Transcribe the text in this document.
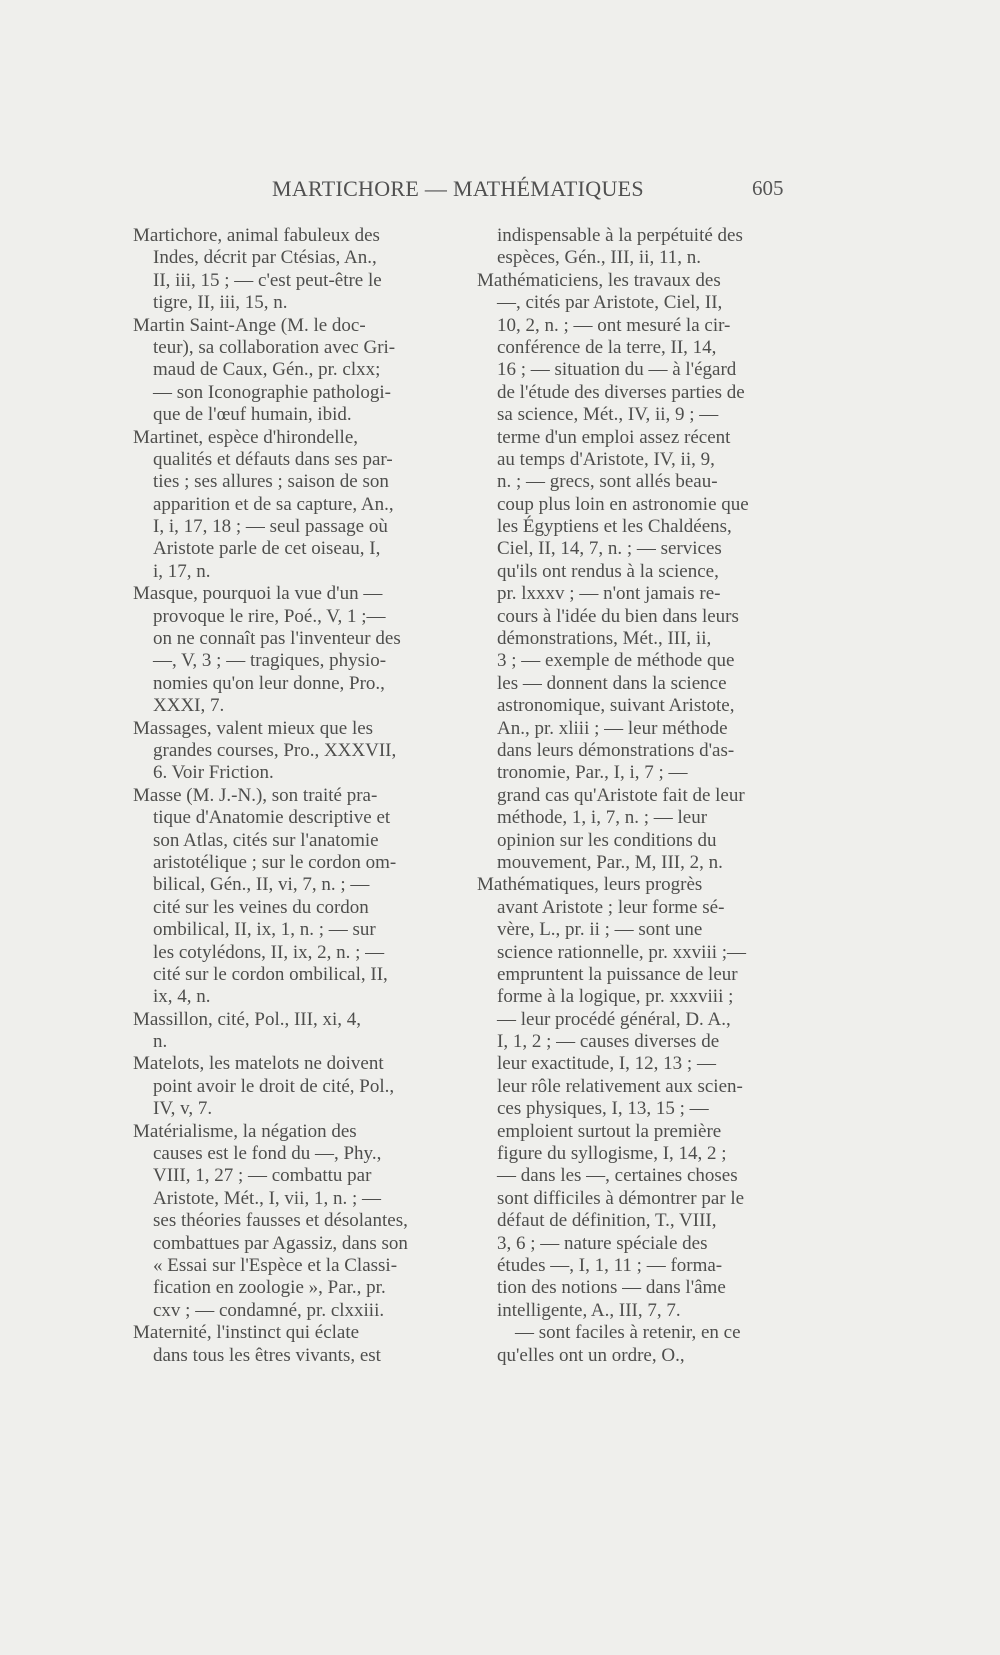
MARTICHORE — MATHÉMATIQUES	605
Martichore, animal fabuleux des
Indes, décrit par Ctésias, An.,
II, iii, 15 ; — c'est peut-être le
tigre, II, iii, 15, n.
Martin Saint-Ange (M. le doc-
teur), sa collaboration avec Gri-
maud de Caux, Gén., pr. clxx;
— son Iconographie pathologi-
que de l'œuf humain, ibid.
Martinet, espèce d'hirondelle,
qualités et défauts dans ses par-
ties ; ses allures ; saison de son
apparition et de sa capture, An.,
I, i, 17, 18 ; — seul passage où
Aristote parle de cet oiseau, I,
i, 17, n.
Masque, pourquoi la vue d'un —
provoque le rire, Poé., V, 1 ;—
on ne connaît pas l'inventeur des
—, V, 3 ; — tragiques, physio-
nomies qu'on leur donne, Pro.,
XXXI, 7.
Massages, valent mieux que les
grandes courses, Pro., XXXVII,
6. Voir Friction.
Masse (M. J.-N.), son traité pra-
tique d'Anatomie descriptive et
son Atlas, cités sur l'anatomie
aristotélique ; sur le cordon om-
bilical, Gén., II, vi, 7, n. ; —
cité sur les veines du cordon
ombilical, II, ix, 1, n. ; — sur
les cotylédons, II, ix, 2, n. ; —
cité sur le cordon ombilical, II,
ix, 4, n.
Massillon, cité, Pol., III, xi, 4,
n.
Matelots, les matelots ne doivent
point avoir le droit de cité, Pol.,
IV, v, 7.
Matérialisme, la négation des
causes est le fond du —, Phy.,
VIII, 1, 27 ; — combattu par
Aristote, Mét., I, vii, 1, n. ; —
ses théories fausses et désolantes,
combattues par Agassiz, dans son
« Essai sur l'Espèce et la Classi-
fication en zoologie », Par., pr.
cxv ; — condamné, pr. clxxiii.
Maternité, l'instinct qui éclate
dans tous les êtres vivants, est
indispensable à la perpétuité des
espèces, Gén., III, ii, 11, n.
Mathématiciens, les travaux des
—, cités par Aristote, Ciel, II,
10, 2, n. ; — ont mesuré la cir-
conférence de la terre, II, 14,
16 ; — situation du — à l'égard
de l'étude des diverses parties de
sa science, Mét., IV, ii, 9 ; —
terme d'un emploi assez récent
au temps d'Aristote, IV, ii, 9,
n. ; — grecs, sont allés beau-
coup plus loin en astronomie que
les Égyptiens et les Chaldéens,
Ciel, II, 14, 7, n. ; — services
qu'ils ont rendus à la science,
pr. lxxxv ; — n'ont jamais re-
cours à l'idée du bien dans leurs
démonstrations, Mét., III, ii,
3 ; — exemple de méthode que
les — donnent dans la science
astronomique, suivant Aristote,
An., pr. xliii ; — leur méthode
dans leurs démonstrations d'as-
tronomie, Par., I, i, 7 ; —
grand cas qu'Aristote fait de leur
méthode, 1, i, 7, n. ; — leur
opinion sur les conditions du
mouvement, Par., M, III, 2, n.
Mathématiques, leurs progrès
avant Aristote ; leur forme sé-
vère, L., pr. ii ; — sont une
science rationnelle, pr. xxviii ;—
empruntent la puissance de leur
forme à la logique, pr. xxxviii ;
— leur procédé général, D. A.,
I, 1, 2 ; — causes diverses de
leur exactitude, I, 12, 13 ; —
leur rôle relativement aux scien-
ces physiques, I, 13, 15 ; —
emploient surtout la première
figure du syllogisme, I, 14, 2 ;
— dans les —, certaines choses
sont difficiles à démontrer par le
défaut de définition, T., VIII,
3, 6 ; — nature spéciale des
études —, I, 1, 11 ; — forma-
tion des notions — dans l'âme
intelligente, A., III, 7, 7.
— sont faciles à retenir, en ce
qu'elles ont un ordre, O.,
